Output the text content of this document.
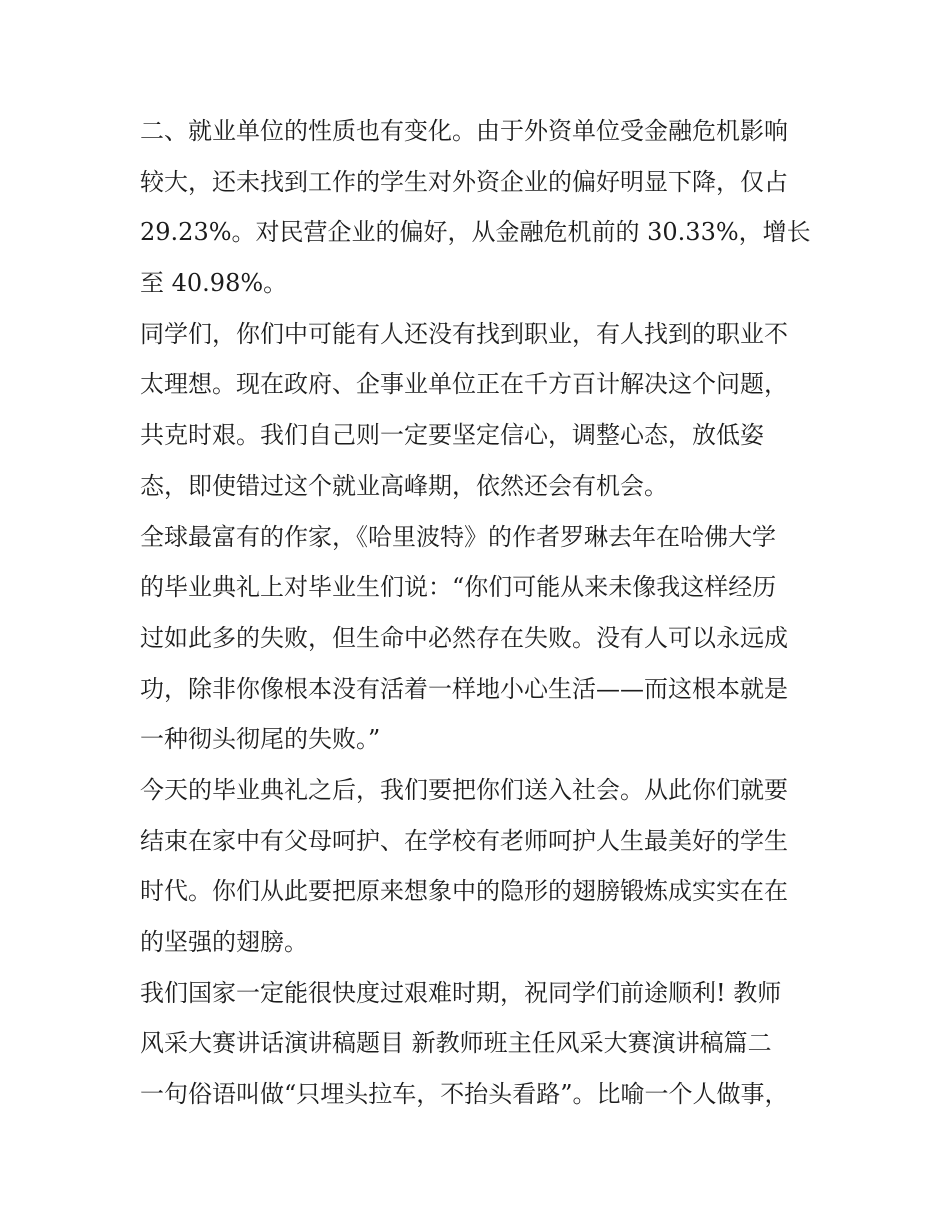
二、就业单位的性质也有变化。由于外资单位受金融危机影响
较大，还未找到工作的学生对外资企业的偏好明显下降，仅占
29.23%。对民营企业的偏好，从金融危机前的 30.33%，增长
至 40.98%。
同学们，你们中可能有人还没有找到职业，有人找到的职业不
太理想。现在政府、企事业单位正在千方百计解决这个问题，
共克时艰。我们自己则一定要坚定信心，调整心态，放低姿
态，即使错过这个就业高峰期，依然还会有机会。
全球最富有的作家，《哈里波特》的作者罗琳去年在哈佛大学
的毕业典礼上对毕业生们说：“你们可能从来未像我这样经历
过如此多的失败，但生命中必然存在失败。没有人可以永远成
功，除非你像根本没有活着一样地小心生活——而这根本就是
一种彻头彻尾的失败。”
今天的毕业典礼之后，我们要把你们送入社会。从此你们就要
结束在家中有父母呵护、在学校有老师呵护人生最美好的学生
时代。你们从此要把原来想象中的隐形的翅膀锻炼成实实在在
的坚强的翅膀。
我们国家一定能很快度过艰难时期，祝同学们前途顺利! 教师
风采大赛讲话演讲稿题目 新教师班主任风采大赛演讲稿篇二
一句俗语叫做“只埋头拉车，不抬头看路”。比喻一个人做事，
